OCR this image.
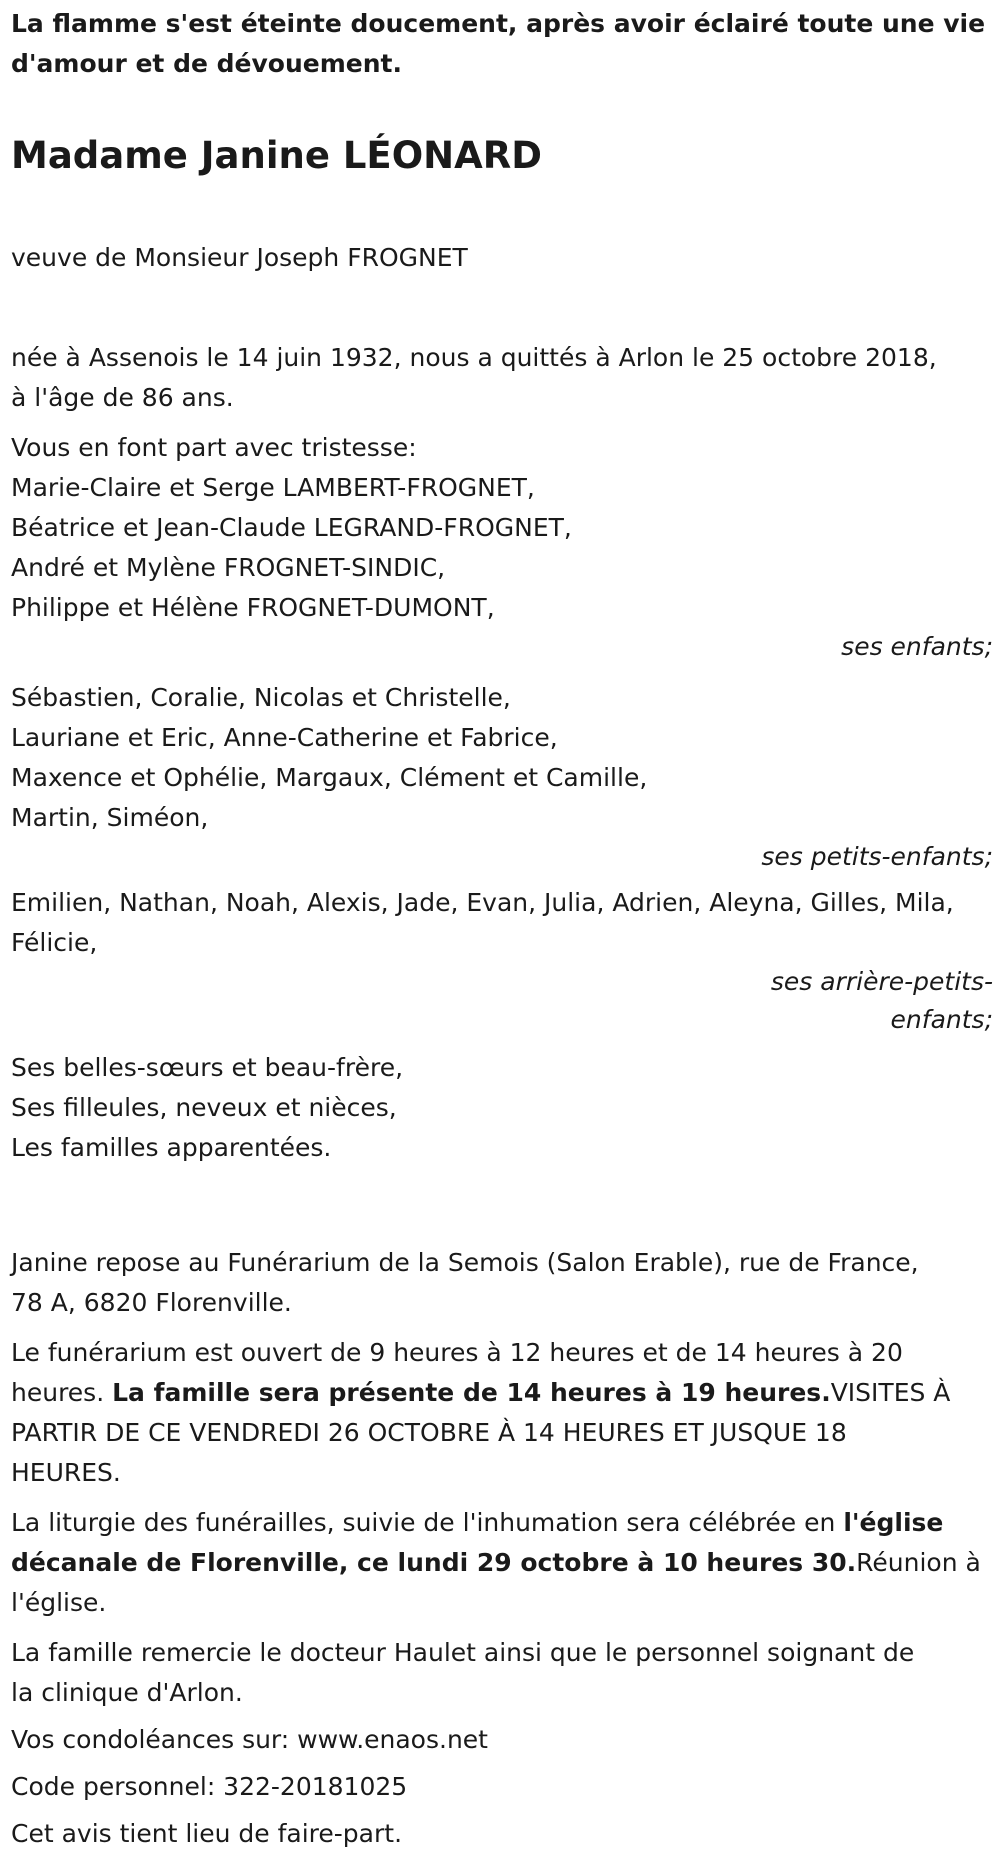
La flamme s'est éteinte doucement, après avoir éclairé toute une vie
d'amour et de dévouement.

Madame Janine LÉONARD

veuve de Monsieur Joseph FROGNET

née à Assenois le 14 juin 1932, nous a quittés à Arlon le 25 octobre 2018,
à l'âge de 86 ans.

Vous en font part avec tristesse:

Marie-Claire et Serge LAMBERT-FROGNET,

Béatrice et Jean-Claude LEGRAND-FROGNET,

André et Mylène FROGNET-SINDIC,

Philippe et Hélène FROGNET-DUMONT,

ses enfants;

Sébastien, Coralie, Nicolas et Christelle,

Lauriane et Eric, Anne-Catherine et Fabrice,

Maxence et Ophélie, Margaux, Clément et Camille,

Martin, Siméon,

ses petits-enfants;

Emilien, Nathan, Noah, Alexis, Jade, Evan, Julia, Adrien, Aleyna, Gilles, Mila,

Félicie,

ses arrière-petits-
enfants;

Ses belles-sœurs et beau-frère,

Ses filleules, neveux et nièces,

Les familles apparentées.

Janine repose au Funérarium de la Semois (Salon Erable), rue de France,
78 A, 6820 Florenville.

Le funérarium est ouvert de 9 heures à 12 heures et de 14 heures à 20
heures. La famille sera présente de 14 heures à 19 heures.VISITES À
PARTIR DE CE VENDREDI 26 OCTOBRE À 14 HEURES ET JUSQUE 18
HEURES.

La liturgie des funérailles, suivie de l'inhumation sera célébrée en l'église
décanale de Florenville, ce lundi 29 octobre à 10 heures 30.Réunion à
l'église.

La famille remercie le docteur Haulet ainsi que le personnel soignant de
la clinique d'Arlon.

Vos condoléances sur: www.enaos.net

Code personnel: 322-20181025

Cet avis tient lieu de faire-part.
